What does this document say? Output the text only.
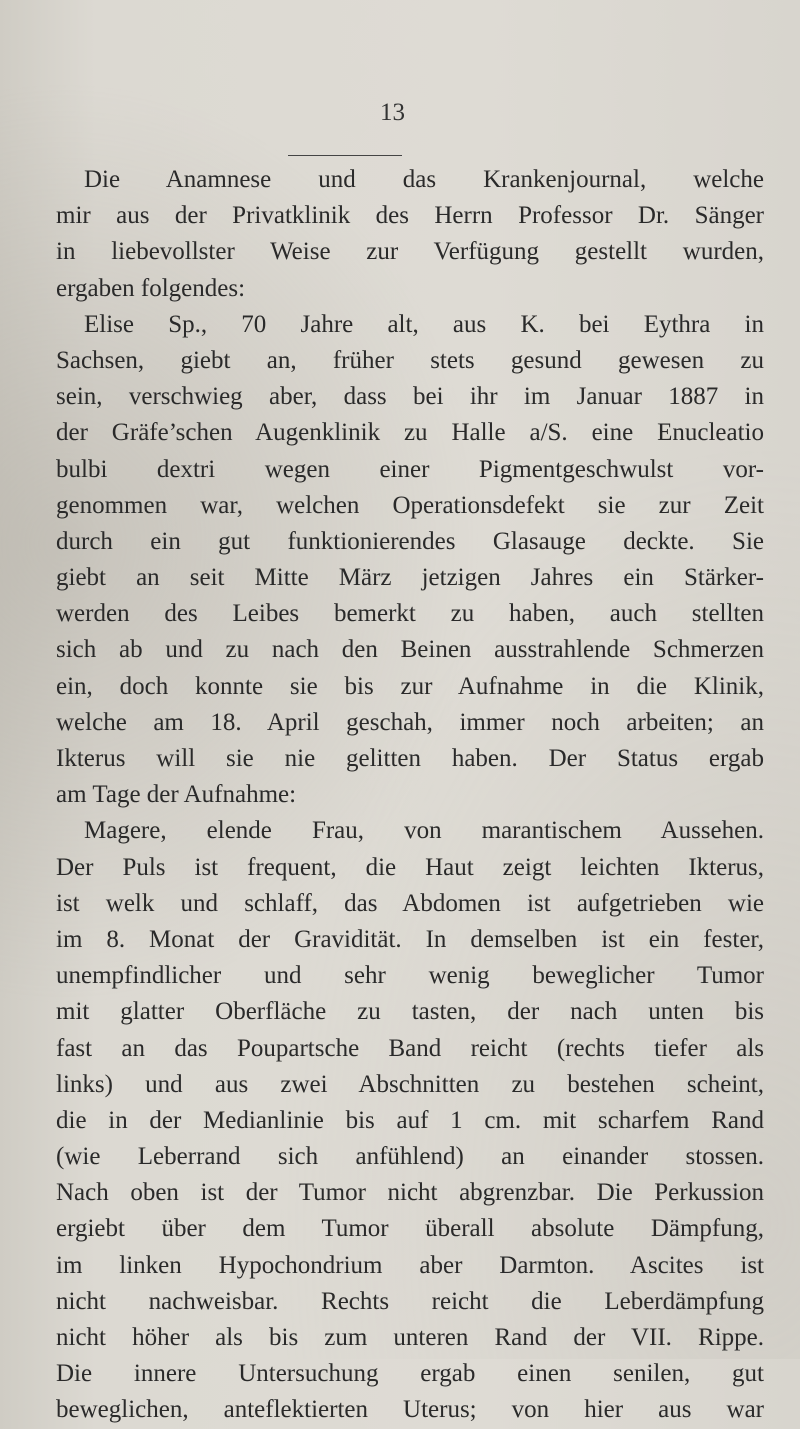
13
Die Anamnese und das Krankenjournal, welche
mir aus der Privatklinik des Herrn Professor Dr. Sänger
in liebevollster Weise zur Verfügung gestellt wurden,
ergaben folgendes:
Elise Sp., 70 Jahre alt, aus K. bei Eythra in
Sachsen, giebt an, früher stets gesund gewesen zu
sein, verschwieg aber, dass bei ihr im Januar 1887 in
der Gräfe’schen Augenklinik zu Halle a/S. eine Enucleatio
bulbi dextri wegen einer Pigmentgeschwulst vor-
genommen war, welchen Operationsdefekt sie zur Zeit
durch ein gut funktionierendes Glasauge deckte. Sie
giebt an seit Mitte März jetzigen Jahres ein Stärker-
werden des Leibes bemerkt zu haben, auch stellten
sich ab und zu nach den Beinen ausstrahlende Schmerzen
ein, doch konnte sie bis zur Aufnahme in die Klinik,
welche am 18. April geschah, immer noch arbeiten; an
Ikterus will sie nie gelitten haben. Der Status ergab
am Tage der Aufnahme:
Magere, elende Frau, von marantischem Aussehen.
Der Puls ist frequent, die Haut zeigt leichten Ikterus,
ist welk und schlaff, das Abdomen ist aufgetrieben wie
im 8. Monat der Gravidität. In demselben ist ein fester,
unempfindlicher und sehr wenig beweglicher Tumor
mit glatter Oberfläche zu tasten, der nach unten bis
fast an das Poupartsche Band reicht (rechts tiefer als
links) und aus zwei Abschnitten zu bestehen scheint,
die in der Medianlinie bis auf 1 cm. mit scharfem Rand
(wie Leberrand sich anfühlend) an einander stossen.
Nach oben ist der Tumor nicht abgrenzbar. Die Perkussion
ergiebt über dem Tumor überall absolute Dämpfung,
im linken Hypochondrium aber Darmton. Ascites ist
nicht nachweisbar. Rechts reicht die Leberdämpfung
nicht höher als bis zum unteren Rand der VII. Rippe.
Die innere Untersuchung ergab einen senilen, gut
beweglichen, anteflektierten Uterus; von hier aus war
